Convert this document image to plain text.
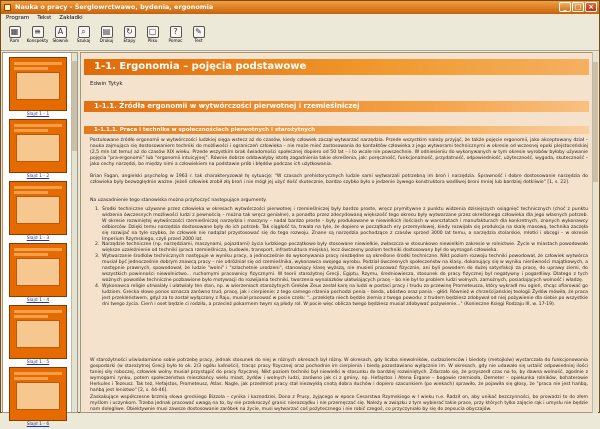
Nauka o pracy - Śerglowrctwawo, bydenia, ergonomia	_	□ ×
Program Tekst Zakładki
▦
Ram
≡
Konspekty
A
Słownik
⌕
Szukaj
▤
Drukuj
↻
Etapy
▢
Pliku
?
Pomoc
✎
Test
Slajd 1 - 1
Slajd 1 - 2
Slajd 1 - 3
Slajd 1 - 4
Slajd 1 - 5
Slajd 1 - 6
1-1. Ergonomia – pojęcia podstawowe
Edwin Tytyk
1-1.1. Źródła ergonomii w wytwórczości pierwotnej i rzemieślniczej
1-1.1.1. Praca i technika w społecznościach pierwotnych i starożytnych

Postulowane źródło ergonomii w wytwórczości ludzkiej sięga wstecz aż do czasów, kiedy człowiek zaczął wytwarzać narzędzia. Przede wszystkim należy przyjąć, że także pojęcie ergonomii, jako akceptowany dział – nauka zajmująca się dostosowaniem techniki do możliwości i ograniczeń człowieka – nie może mieć zastosowania do kontaktów człowieka z jego wytworami technicznymi w okresie od wczesnej epoki plejstoceńskiej (2,5 mln lat temu) aż do czasów XIX wieku. Przede wszystkim brak świadomości społecznej dopiero od 50 lat – i to wcale nie powszechnie. W odniesieniu do wykonywanych w tym okresie wyrobów byłoby używanie pojęcia "pra-ergonomii" lub "ergonomii intuicyjnej". Równie dobrze oddawałyby istotę zagadnienia takie określenia, jak: poręczność, funkcjonalność, przydatność, odpowiedniość, użyteczność, wygoda, skuteczność – jako cechy narzędzi, bo między nimi a człowiekiem na podstawie prób i błędów podczas ich użytkowania.

Brian Fagan, angielski psycholog w 1963 r. tak charakteryzował tę sytuację: "W czasach prehistorycznych ludzie sami wytwarzali potrzebną im broń i narzędzia. Sprawność i dobre dostosowanie narzędzia do człowieka były bezwzględnie ważne. Jeżeli człowiek zrobił złą broń i nie mógł jej użyć dość skutecznie, bardzo szybko było o jedzenie żywego konstruktora wadliwej broni mniej lub bardziej dotkliwie" [1, s. 22].

Na uzasadnienie tego stanowiska można przytoczyć następujące argumenty.

1. Środki techniczne używane przez człowieka w okresach wytwórczości pierwotnej i rzemieślniczej były bardzo proste, wręcz prymitywne z punktu widzenia dzisiejszych osiągnięć technicznych (choć z punktu widzenia ówczesnych możliwości ludzi z pewnością – można tak wręcz genialne), a ponadto przez zdecydowaną większość tego okresu były wytwarzane przez określonego człowieka dla jego własnych potrzeb. W okresie rozwiniętej wytwórczości rzemieślniczej narzędzia i maszyny – nadal bardzo proste – były produkowane w niewielkich ilościach w warsztatach i manufakturach dla konkretnych, znanych wykonawcy odbiorców. Dzięki temu narzędzia dostosowane były do ich potrzeb. Tak ciągłość ta, trwała na tyle, że dopiero w początkach ery przemysłowej, kiedy rozwijała się produkcja na skalę masową, technika zaczęła się rozwijać na tyle szybko, że człowiek nie nadążał przystosować się do tego rozwoju. Znane są narzędzia pochodzące z czasów sprzed 3000 lat temu, a narzędzia stolarskie, młotki i obcęgi – w okresie Imperium Rzymskiego, czyli przed 2000 lat.
2. Narzędzie techniczne (np. narzędziami, maszynami, pojazdami) życia ludzkiego początkowo były stosowane niewielkie, zwłaszcza w stosunkowo niewielkim zakresie w rolnictwie. Życie w miastach powodowało większe uzależnienie od techniki (praca rzemieślnicza, budowle, transport, infrastruktura miejska), lecz ówczesny poziom techniki dostosowany był do wymagań człowieka.
3. Wytwarzanie środków technicznych następuje w wyniku pracy, a jednocześnie do wykonywania pracy niezbędne są określone środki techniczne. Nikt poziom rozwoju techniki powodował, że człowiek wytwórca musiał być jednocześnie dobrym znawcą pracy – nie odróżniał się od rzemieślnika, wykonawca swojego wyrobu. Podział ówczesnych społeczeństw na klasy, dokonujący się w wyniku nierówności majątkowych, a następnie prawnych, spowodował, że ludzie "wolni" i "szlachetnie urodzeni", stanowiący klasę wyższą, nie musieli pracować fizycznie, ani byli powodem do dużej satysfakcji za pracę, do uprawy ziemi, do wszystkich powinności niewolnictwo... ruchomymi pracownicy fizycznymi. W teorii starożytnej Grecji, Egiptu, Rzymu, średniowiecza, stosunek do pracy fizycznej był negatywny i pogardliwy. Dlatego z tych ważnych powodów techniczne pozbawione było motywacji do rozwijania techniki, tworzenia wynalazków ułatwiających pracę – bo nie był to problem ludzi wolnych, zamożnych, posiadających wolność i władzę.
4. Wykonawca religie utrwalały i ułatwiały ten stan, np. w wierzeniach starożytnych Greków Zeus zesłał karę na ludzi w postaci pracy i trudu za przewinę Prometeusza, który wykradł mu ogień, chcąc ofiarować go ludziom. Grecka słowo ponos oznacza zarówno trud, pracę, jak i cierpienie; z tego samego rdzenia pochodzi penia – bieda, ubóstwo oraz pania – głód. Również w chrześcijańskiej teologii Żydów mówiła, że praca jest przekleństwem, gdyż za to został wyłączony z Raju, musiał pracować w pocie czoła: "...przeklęta niech będzie ziemia z twego powodu: z trudem będziesz zdobywał od niej pożywienie dla siebie po wszystkie dni twego życia. Cierń i oset będzie ci rodziła, a przecież pokarmem twym są płody rol. W pocie więc oblicza twego będziesz musiał zdobywać pożywienie..." (Konieczne Księgi Rodzaju III, w. 17-19).

W starożytności uświadamiano sobie potrzebę pracy, jednak stosunek do niej w różnych okresach był różny. W okresach, gdy liczba niewolników, cudzoziemców i biedoty (metojków) wystarczała do funkcjonowania gospodarki (w starożytnej Grecji było to ok. 2/3 ogółu ludności), tracąc pracy fizycznej oraz pochodnie im cierpienia i biedą pozostawiano wyłącznie im. W okresach, gdy nie udawało się ustalić odpowiedniej ilości taniej siły roboczej, człowiek wolny musiał przystąpić do pracy fizycznej. Nikt poziom techniki był niewielki w stosunku do bardziej rozwiniętych. Zdarzało się, że przyszedł czas na to, by dawna wolność, zgodnie z wymogami rynku, potem społeczeństwa mieszkańcy wielu miast, żydów i wolnych ludzi, zarówno jak ci z gminy, np. Hefajstos i Atena Ergane – bogowie rzemiosła, Demeter – opiekunka rolników, bohaterowie Herkules i Tezeusz. Tak też, Hefajstos, Prometeusz, Atlas. Nagle, jak przedmiot pracy stał niezwykłą cnotą dobra duchów i dopiero szacunkiem (po wiekach) sprawiło, że pojawiła się głosy, że "praca nie jest hańbą, hańbą jest lenistwo" [2, s. 44-46].

Zaskakujące współczesne brzmią słowa greckiego Bizzola – cynika i kaznodziei, Dona z Prusy, żyjącego w epoce Cesarstwa Rzymskiego w I wieku n.e. Radził on, aby unikać bezczynności, bo prowadzi to do złem myślom i uczynkom. Trzeba jednak pracować uwagą na to, by nie przekroczyć granic nierozsądku i nie przemęczać się. Należy w związku z tym wybierać takie prace, przy których tylko zajęcie rąk i umysłu nie będzie nam dolegliwe. Obiektywnie musi zawsze dostosowanie zaróbek na życie, musi wytwarzać coś pożytecznego i nie robić czegoś, co przyczyniało by się do zepsucia obyczajów.
